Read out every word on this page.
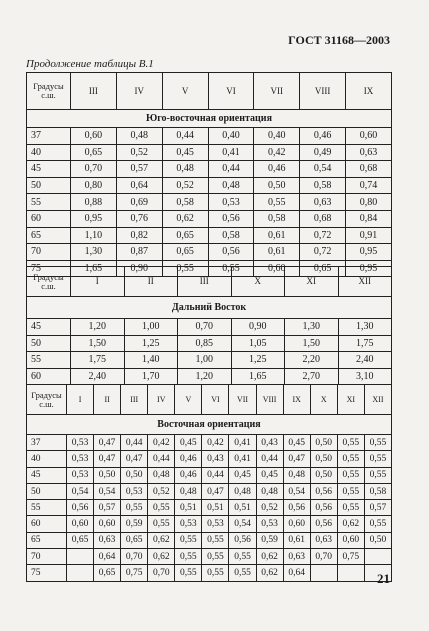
ГОСТ 31168—2003
Продолжение таблицы В.1
Градусы с.ш.	III	IV	V	VI	VII	VIII	IX
Юго-восточная ориентация							
37	0,60	0,48	0,44	0,40	0,40	0,46	0,60
40	0,65	0,52	0,45	0,41	0,42	0,49	0,63
45	0,70	0,57	0,48	0,44	0,46	0,54	0,68
50	0,80	0,64	0,52	0,48	0,50	0,58	0,74
55	0,88	0,69	0,58	0,53	0,55	0,63	0,80
60	0,95	0,76	0,62	0,56	0,58	0,68	0,84
65	1,10	0,82	0,65	0,58	0,61	0,72	0,91
70	1,30	0,87	0,65	0,56	0,61	0,72	0,95
75	1,65	0,90	0,55	0,55	0,60	0,65	0,95
Градусы с.ш.	I	II	III	X	XI	XII
Дальний Восток						
45	1,20	1,00	0,70	0,90	1,30	1,30
50	1,50	1,25	0,85	1,05	1,50	1,75
55	1,75	1,40	1,00	1,25	2,20	2,40
60	2,40	1,70	1,20	1,65	2,70	3,10
Градусы с.ш.	I	II	III	IV	V	VI	VII	VIII	IX	X	XI	XII
Восточная ориентация												
37	0,53	0,47	0,44	0,42	0,45	0,42	0,41	0,43	0,45	0,50	0,55	0,55
40	0,53	0,47	0,47	0,44	0,46	0,43	0,41	0,44	0,47	0,50	0,55	0,55
45	0,53	0,50	0,50	0,48	0,46	0,44	0,45	0,45	0,48	0,50	0,55	0,55
50	0,54	0,54	0,53	0,52	0,48	0,47	0,48	0,48	0,54	0,56	0,55	0,58
55	0,56	0,57	0,55	0,55	0,51	0,51	0,51	0,52	0,56	0,56	0,55	0,57
60	0,60	0,60	0,59	0,55	0,53	0,53	0,54	0,53	0,60	0,56	0,62	0,55
65	0,65	0,63	0,65	0,62	0,55	0,55	0,56	0,59	0,61	0,63	0,60	0,50
70		0,64	0,70	0,62	0,55	0,55	0,55	0,62	0,63	0,70	0,75	
75		0,65	0,75	0,70	0,55	0,55	0,55	0,62	0,64				21
